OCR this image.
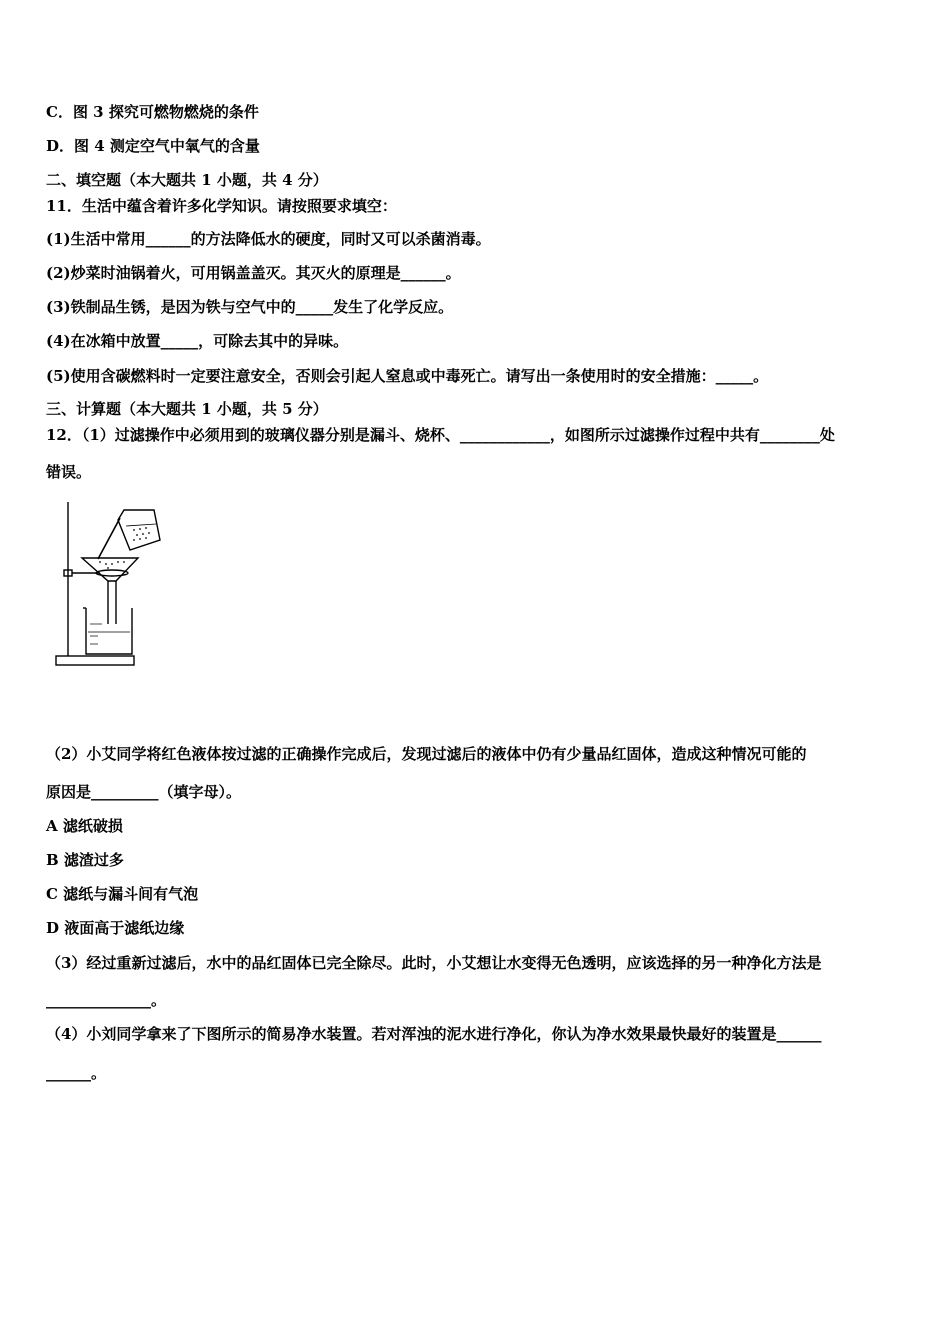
C．图 3 探究可燃物燃烧的条件
D．图 4 测定空气中氧气的含量
二、填空题（本大题共 1 小题，共 4 分）
11．生活中蕴含着许多化学知识。请按照要求填空：
(1)生活中常用______的方法降低水的硬度，同时又可以杀菌消毒。
(2)炒菜时油锅着火，可用锅盖盖灭。其灭火的原理是______。
(3)铁制品生锈，是因为铁与空气中的_____发生了化学反应。
(4)在冰箱中放置_____，可除去其中的异味。
(5)使用含碳燃料时一定要注意安全，否则会引起人窒息或中毒死亡。请写出一条使用时的安全措施：_____。
三、计算题（本大题共 1 小题，共 5 分）
12．（1）过滤操作中必须用到的玻璃仪器分别是漏斗、烧杯、____________，如图所示过滤操作过程中共有________处
错误。
（2）小艾同学将红色液体按过滤的正确操作完成后，发现过滤后的液体中仍有少量品红固体，造成这种情况可能的
原因是_________（填字母）。
A 滤纸破损
B 滤渣过多
C 滤纸与漏斗间有气泡
D 液面高于滤纸边缘
（3）经过重新过滤后，水中的品红固体已完全除尽。此时，小艾想让水变得无色透明，应该选择的另一种净化方法是
______________。
（4）小刘同学拿来了下图所示的简易净水装置。若对浑浊的泥水进行净化，你认为净水效果最快最好的装置是______
______。
